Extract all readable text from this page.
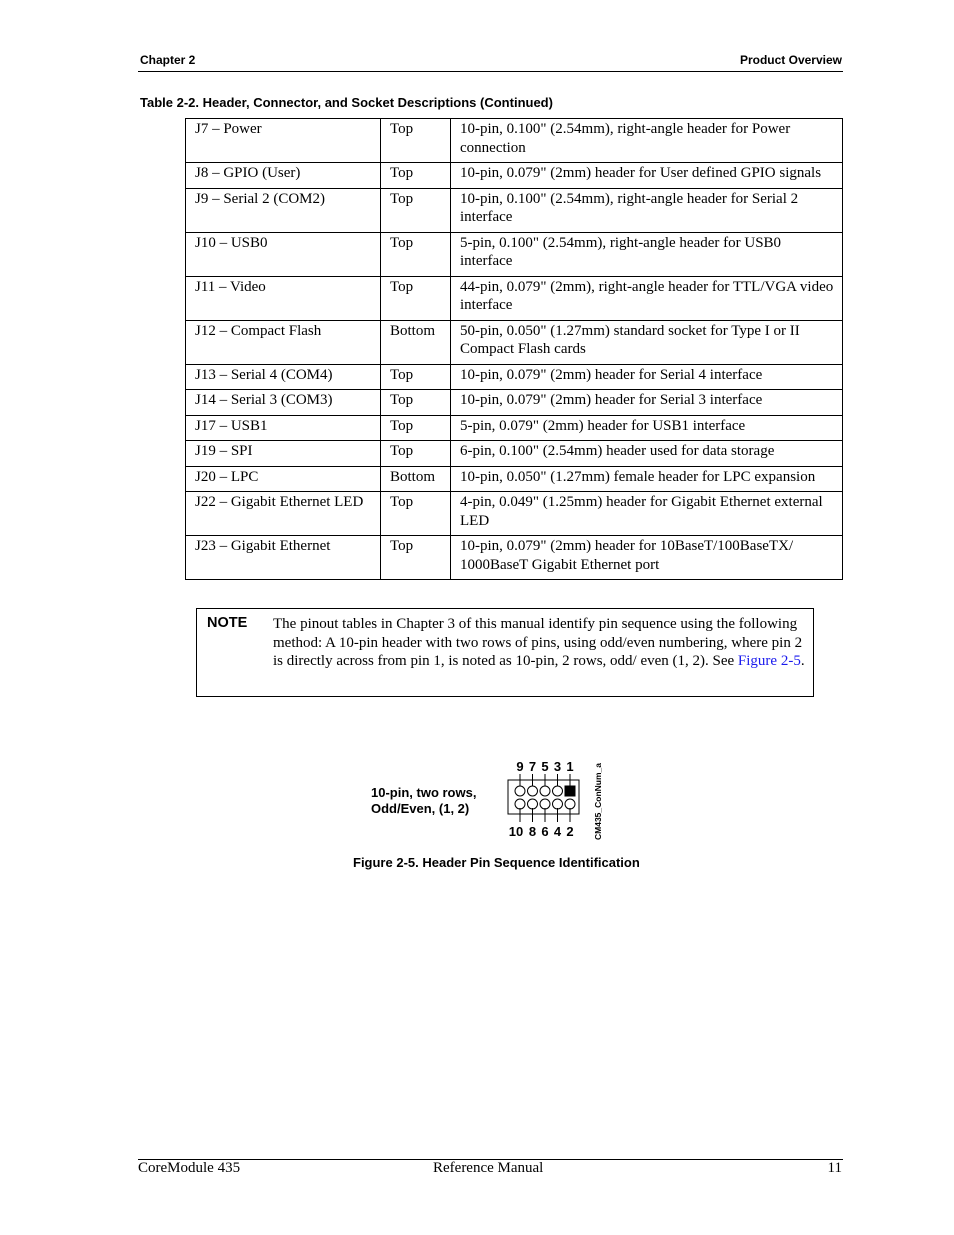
Chapter 2	Product Overview
Table 2-2. Header, Connector, and Socket Descriptions (Continued)
J7 – Power	Top	10-pin, 0.100" (2.54mm), right-angle header for Power connection
J8 – GPIO (User)	Top	10-pin, 0.079" (2mm) header for User defined GPIO signals
J9 – Serial 2 (COM2)	Top	10-pin, 0.100" (2.54mm), right-angle header for Serial 2 interface
J10 – USB0	Top	5-pin, 0.100" (2.54mm), right-angle header for USB0 interface
J11 – Video	Top	44-pin, 0.079" (2mm), right-angle header for TTL/VGA video interface
J12 – Compact Flash	Bottom	50-pin, 0.050" (1.27mm) standard socket for Type I or II Compact Flash cards
J13 – Serial 4 (COM4)	Top	10-pin, 0.079" (2mm) header for Serial 4 interface
J14 – Serial 3 (COM3)	Top	10-pin, 0.079" (2mm) header for Serial 3 interface
J17 – USB1	Top	5-pin, 0.079" (2mm) header for USB1 interface
J19 – SPI	Top	6-pin, 0.100" (2.54mm) header used for data storage
J20 – LPC	Bottom	10-pin, 0.050" (1.27mm) female header for LPC expansion
J22 – Gigabit Ethernet LED	Top	4-pin, 0.049" (1.25mm) header for Gigabit Ethernet external LED
J23 – Gigabit Ethernet	Top	10-pin, 0.079" (2mm) header for 10BaseT/100BaseTX/ 1000BaseT Gigabit Ethernet port
NOTE The pinout tables in Chapter 3 of this manual identify pin sequence using the following method: A 10-pin header with two rows of pins, using odd/even numbering, where pin 2 is directly across from pin 1, is noted as 10-pin, 2 rows, odd/ even (1, 2). See Figure 2-5.
10-pin, two rows,
Odd/Even, (1, 2)
9 7 5 3 1
10 8 6 4 2 CM435_ConNum_a
Figure 2-5. Header Pin Sequence Identification
CoreModule 435	Reference Manual	11
